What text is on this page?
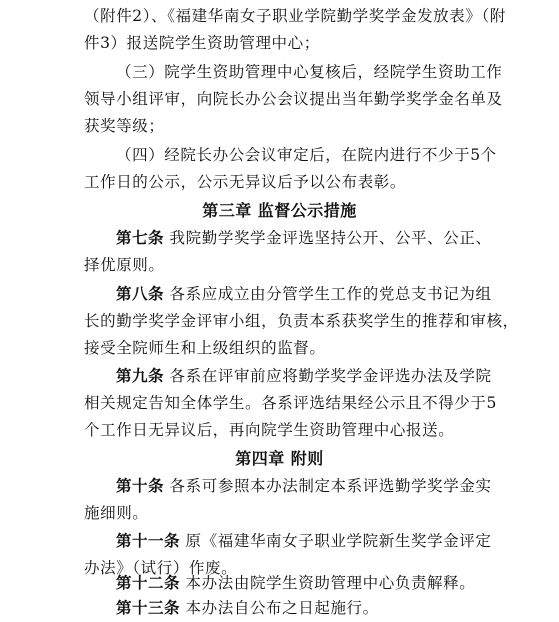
（附件2）、《福建华南女子职业学院勤学奖学金发放表》（附
件3）报送院学生资助管理中心；
（三）院学生资助管理中心复核后，经院学生资助工作
领导小组评审，向院长办公会议提出当年勤学奖学金名单及
获奖等级；
（四）经院长办公会议审定后，在院内进行不少于5个
工作日的公示，公示无异议后予以公布表彰。
第三章 监督公示措施
第七条 我院勤学奖学金评选坚持公开、公平、公正、
择优原则。
第八条 各系应成立由分管学生工作的党总支书记为组
长的勤学奖学金评审小组，负责本系获奖学生的推荐和审核，
接受全院师生和上级组织的监督。
第九条 各系在评审前应将勤学奖学金评选办法及学院
相关规定告知全体学生。各系评选结果经公示且不得少于5
个工作日无异议后，再向院学生资助管理中心报送。
第四章 附则
第十条 各系可参照本办法制定本系评选勤学奖学金实
施细则。
第十一条 原《福建华南女子职业学院新生奖学金评定
办法》（试行）作废。
第十二条 本办法由院学生资助管理中心负责解释。
第十三条 本办法自公布之日起施行。
